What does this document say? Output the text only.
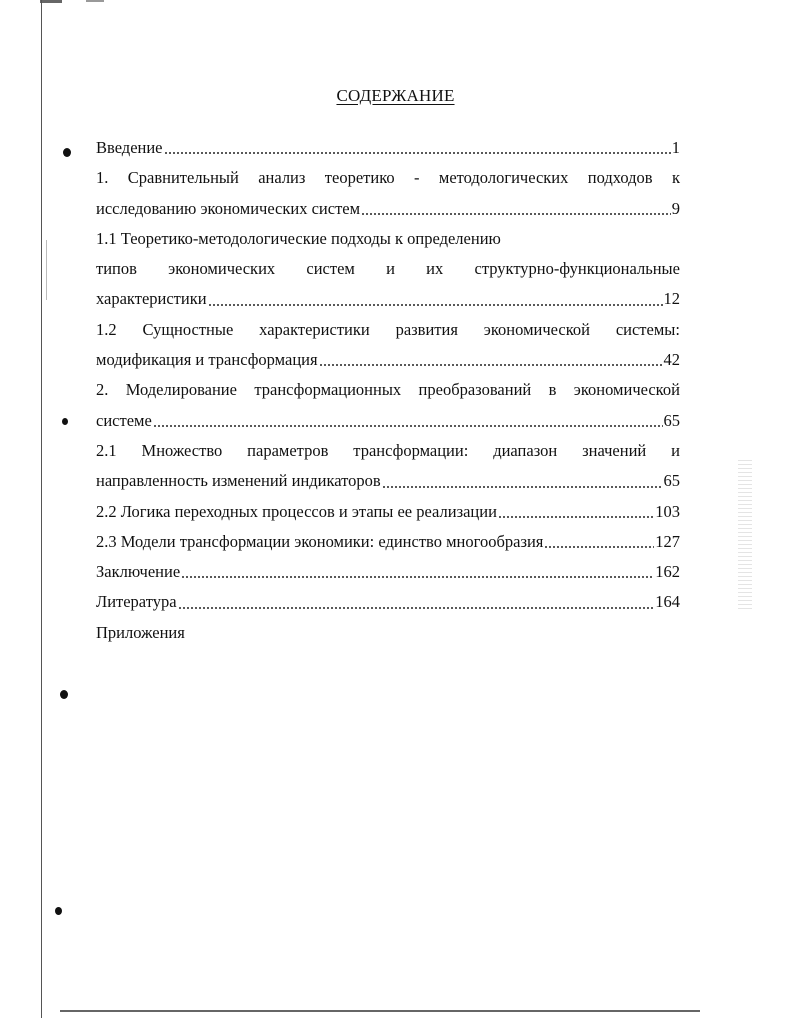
СОДЕРЖАНИЕ
Введение	1
1. Сравнительный анализ теоретико - методологических подходов к
исследованию экономических систем	9
1.1 Теоретико-методологические подходы к определению
типов экономических систем и их структурно-функциональные
характеристики	12
1.2 Сущностные характеристики развития экономической системы:
модификация и трансформация	42
2. Моделирование трансформационных преобразований в экономической
системе	65
2.1 Множество параметров трансформации: диапазон значений и
направленность изменений индикаторов	65
2.2 Логика переходных процессов и этапы ее реализации	103
2.3 Модели трансформации экономики: единство многообразия	127
Заключение	162
Литература	164
Приложения
